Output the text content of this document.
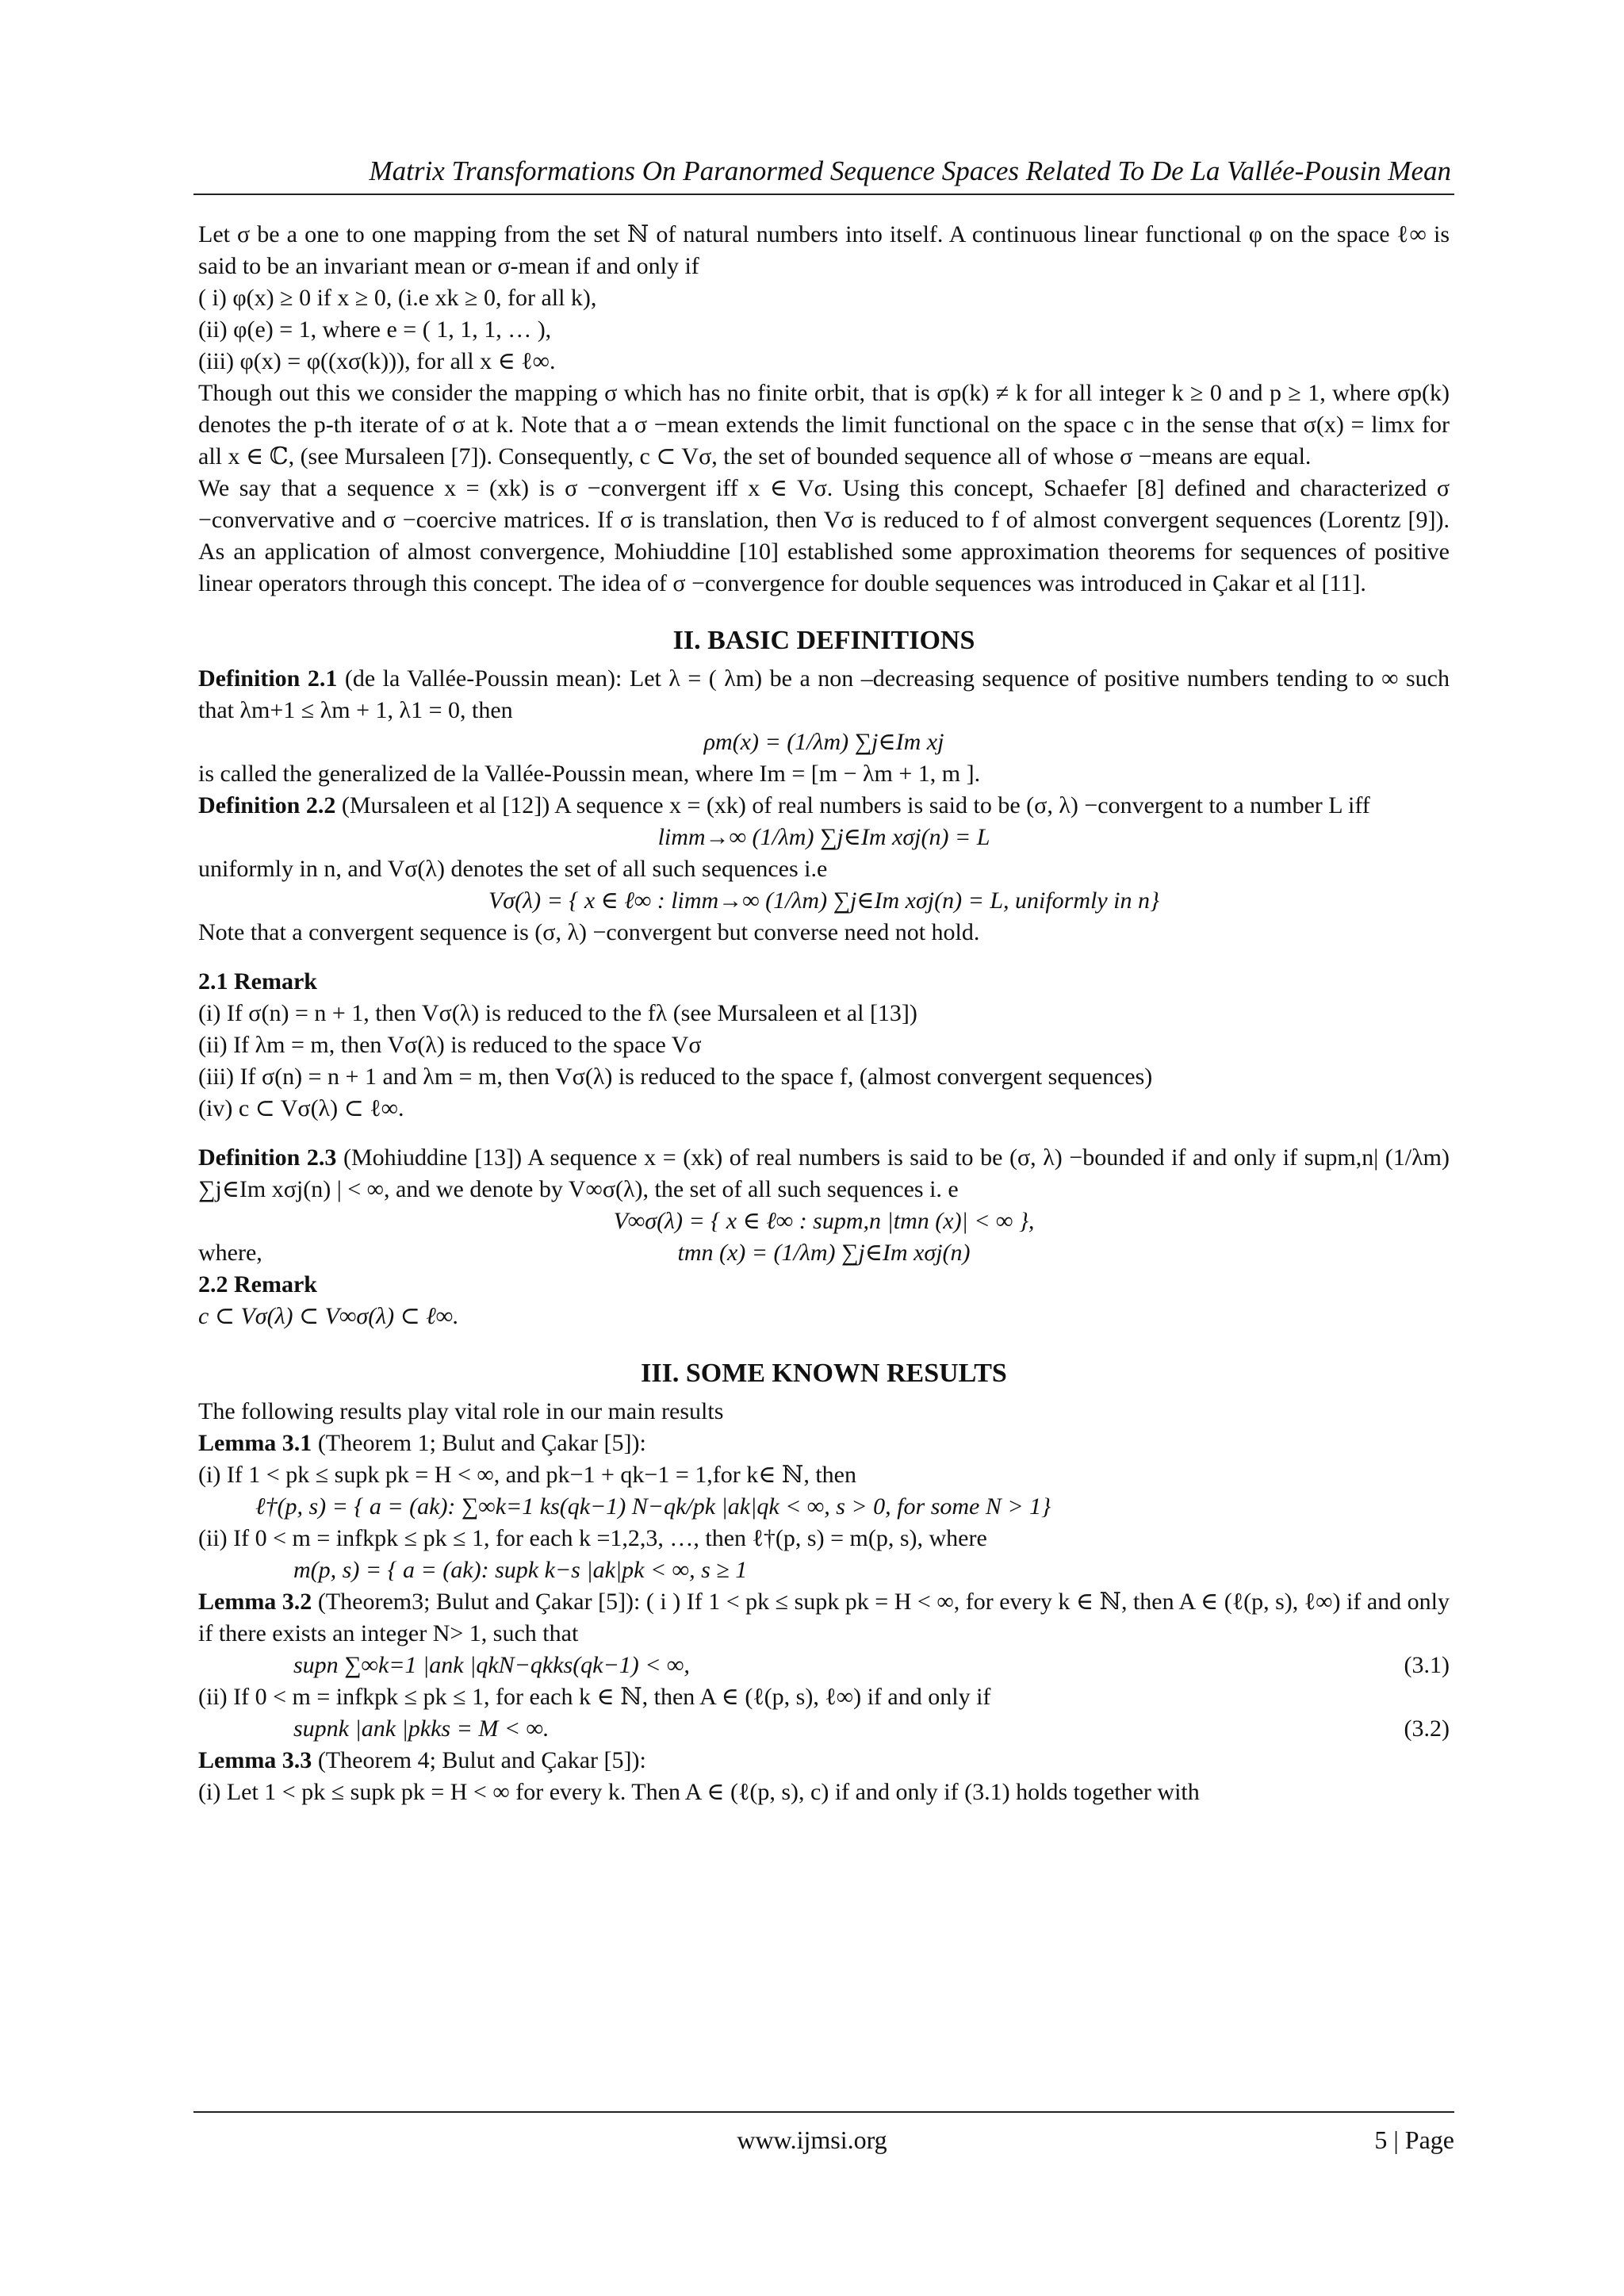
Matrix Transformations On Paranormed Sequence Spaces Related To De La Vallée-Pousin Mean

Let σ be a one to one mapping from the set ℕ of natural numbers into itself. A continuous linear functional φ on the space ℓ∞ is said to be an invariant mean or σ-mean if and only if

( i) φ(x) ≥ 0 if x ≥ 0, (i.e xk ≥ 0, for all k),

(ii) φ(e) = 1, where e = ( 1, 1, 1, … ),

(iii) φ(x) = φ((xσ(k))), for all x ∈ ℓ∞.

Though out this we consider the mapping σ which has no finite orbit, that is σp(k) ≠ k for all integer k ≥ 0 and p ≥ 1, where σp(k) denotes the p-th iterate of σ at k. Note that a σ −mean extends the limit functional on the space c in the sense that σ(x) = limx for all x ∈ ℂ, (see Mursaleen [7]). Consequently, c ⊂ Vσ, the set of bounded sequence all of whose σ −means are equal.

We say that a sequence x = (xk) is σ −convergent iff x ∈ Vσ. Using this concept, Schaefer [8] defined and characterized σ −convervative and σ −coercive matrices. If σ is translation, then Vσ is reduced to f of almost convergent sequences (Lorentz [9]). As an application of almost convergence, Mohiuddine [10] established some approximation theorems for sequences of positive linear operators through this concept. The idea of σ −convergence for double sequences was introduced in Çakar et al [11].

II. BASIC DEFINITIONS

Definition 2.1 (de la Vallée-Poussin mean): Let λ = ( λm) be a non –decreasing sequence of positive numbers tending to ∞ such that λm+1 ≤ λm + 1, λ1 = 0, then

ρm(x) = (1/λm) ∑j∈Im xj

is called the generalized de la Vallée-Poussin mean, where Im = [m − λm + 1, m ].

Definition 2.2 (Mursaleen et al [12]) A sequence x = (xk) of real numbers is said to be (σ, λ) −convergent to a number L iff

limm→∞ (1/λm) ∑j∈Im xσj(n) = L

uniformly in n, and Vσ(λ) denotes the set of all such sequences i.e

Vσ(λ) = { x ∈ ℓ∞ : limm→∞ (1/λm) ∑j∈Im xσj(n) = L, uniformly in n}

Note that a convergent sequence is (σ, λ) −convergent but converse need not hold.

2.1 Remark

(i) If σ(n) = n + 1, then Vσ(λ) is reduced to the fλ (see Mursaleen et al [13])

(ii) If λm = m, then Vσ(λ) is reduced to the space Vσ

(iii) If σ(n) = n + 1 and λm = m, then Vσ(λ) is reduced to the space f, (almost convergent sequences)

(iv) c ⊂ Vσ(λ) ⊂ ℓ∞.

Definition 2.3 (Mohiuddine [13]) A sequence x = (xk) of real numbers is said to be (σ, λ) −bounded if and only if supm,n| (1/λm) ∑j∈Im xσj(n) | < ∞, and we denote by V∞σ(λ), the set of all such sequences i. e

V∞σ(λ) = { x ∈ ℓ∞ : supm,n |tmn (x)| < ∞ },

where,	tmn (x) = (1/λm) ∑j∈Im xσj(n)

2.2 Remark

c ⊂ Vσ(λ) ⊂ V∞σ(λ) ⊂ ℓ∞.

III. SOME KNOWN RESULTS

The following results play vital role in our main results

Lemma 3.1 (Theorem 1; Bulut and Çakar [5]):

(i) If 1 < pk ≤ supk pk = H < ∞, and pk−1 + qk−1 = 1,for k∈ ℕ, then

ℓ†(p, s) = { a = (ak): ∑∞k=1 ks(qk−1) N−qk/pk |ak|qk < ∞, s > 0, for some N > 1}

(ii) If 0 < m = infkpk ≤ pk ≤ 1, for each k =1,2,3, …, then ℓ†(p, s) = m(p, s), where

m(p, s) = { a = (ak): supk k−s |ak|pk < ∞, s ≥ 1

Lemma 3.2 (Theorem3; Bulut and Çakar [5]): ( i ) If 1 < pk ≤ supk pk = H < ∞, for every k ∈ ℕ, then A ∈ (ℓ(p, s), ℓ∞) if and only if there exists an integer N> 1, such that

supn ∑∞k=1 |ank |qkN−qkks(qk−1) < ∞,	(3.1)

(ii) If 0 < m = infkpk ≤ pk ≤ 1, for each k ∈ ℕ, then A ∈ (ℓ(p, s), ℓ∞) if and only if

supnk |ank |pkks = M < ∞.	(3.2)

Lemma 3.3 (Theorem 4; Bulut and Çakar [5]):

(i) Let 1 < pk ≤ supk pk = H < ∞ for every k. Then A ∈ (ℓ(p, s), c) if and only if (3.1) holds together with

www.ijmsi.org	5 | Page
